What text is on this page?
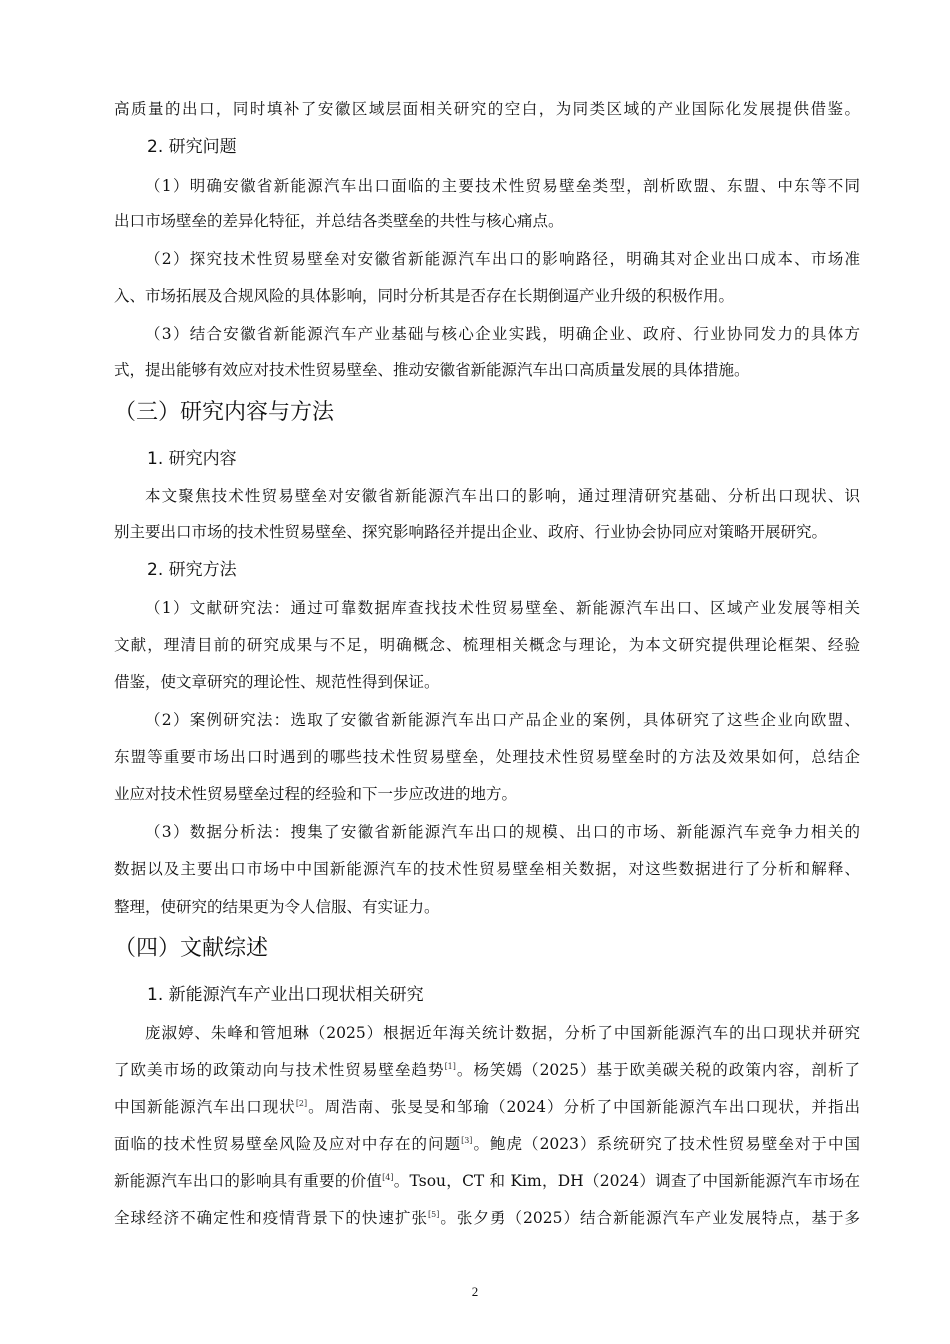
高质量的出口，同时填补了安徽区域层面相关研究的空白，为同类区域的产业国际化发展提供借鉴。
2. 研究问题
（1）明确安徽省新能源汽车出口面临的主要技术性贸易壁垒类型，剖析欧盟、东盟、中东等不同
出口市场壁垒的差异化特征，并总结各类壁垒的共性与核心痛点。
（2）探究技术性贸易壁垒对安徽省新能源汽车出口的影响路径，明确其对企业出口成本、市场准
入、市场拓展及合规风险的具体影响，同时分析其是否存在长期倒逼产业升级的积极作用。
（3）结合安徽省新能源汽车产业基础与核心企业实践，明确企业、政府、行业协同发力的具体方
式，提出能够有效应对技术性贸易壁垒、推动安徽省新能源汽车出口高质量发展的具体措施。
（三）研究内容与方法
1. 研究内容
本文聚焦技术性贸易壁垒对安徽省新能源汽车出口的影响，通过理清研究基础、分析出口现状、识
别主要出口市场的技术性贸易壁垒、探究影响路径并提出企业、政府、行业协会协同应对策略开展研究。
2. 研究方法
（1）文献研究法：通过可靠数据库查找技术性贸易壁垒、新能源汽车出口、区域产业发展等相关
文献，理清目前的研究成果与不足，明确概念、梳理相关概念与理论，为本文研究提供理论框架、经验
借鉴，使文章研究的理论性、规范性得到保证。
（2）案例研究法：选取了安徽省新能源汽车出口产品企业的案例，具体研究了这些企业向欧盟、
东盟等重要市场出口时遇到的哪些技术性贸易壁垒，处理技术性贸易壁垒时的方法及效果如何，总结企
业应对技术性贸易壁垒过程的经验和下一步应改进的地方。
（3）数据分析法：搜集了安徽省新能源汽车出口的规模、出口的市场、新能源汽车竞争力相关的
数据以及主要出口市场中中国新能源汽车的技术性贸易壁垒相关数据，对这些数据进行了分析和解释、
整理，使研究的结果更为令人信服、有实证力。
（四）文献综述
1. 新能源汽车产业出口现状相关研究
庞淑婷、朱峰和管旭琳（2025）根据近年海关统计数据，分析了中国新能源汽车的出口现状并研究
了欧美市场的政策动向与技术性贸易壁垒趋势[1]。杨笑嫣（2025）基于欧美碳关税的政策内容，剖析了
中国新能源汽车出口现状[2]。周浩南、张旻旻和邹瑜（2024）分析了中国新能源汽车出口现状，并指出
面临的技术性贸易壁垒风险及应对中存在的问题[3]。鲍虎（2023）系统研究了技术性贸易壁垒对于中国
新能源汽车出口的影响具有重要的价值[4]。Tsou，CT 和 Kim，DH（2024）调查了中国新能源汽车市场在
全球经济不确定性和疫情背景下的快速扩张[5]。张夕勇（2025）结合新能源汽车产业发展特点，基于多
2
